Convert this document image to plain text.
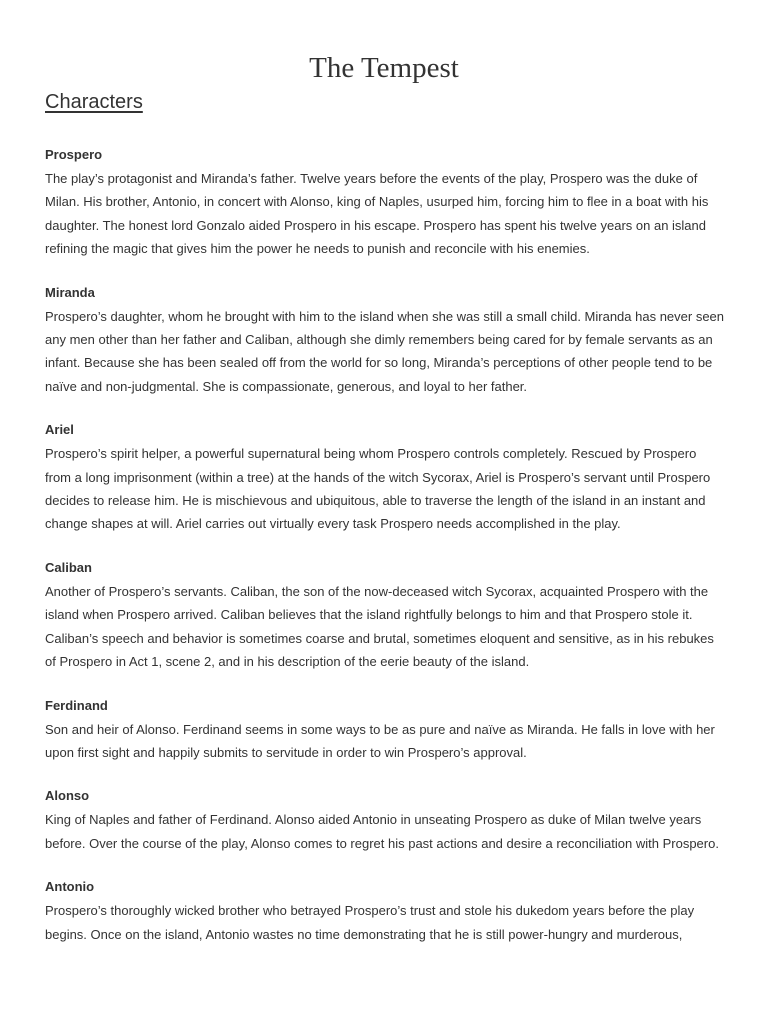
The Tempest
Characters
Prospero

The play’s protagonist and Miranda’s father. Twelve years before the events of the play, Prospero was the duke of Milan. His brother, Antonio, in concert with Alonso, king of Naples, usurped him, forcing him to flee in a boat with his daughter. The honest lord Gonzalo aided Prospero in his escape. Prospero has spent his twelve years on an island refining the magic that gives him the power he needs to punish and reconcile with his enemies.

Miranda

Prospero’s daughter, whom he brought with him to the island when she was still a small child. Miranda has never seen any men other than her father and Caliban, although she dimly remembers being cared for by female servants as an infant. Because she has been sealed off from the world for so long, Miranda’s perceptions of other people tend to be naïve and non-judgmental. She is compassionate, generous, and loyal to her father.

Ariel

Prospero’s spirit helper, a powerful supernatural being whom Prospero controls completely. Rescued by Prospero from a long imprisonment (within a tree) at the hands of the witch Sycorax, Ariel is Prospero’s servant until Prospero decides to release him. He is mischievous and ubiquitous, able to traverse the length of the island in an instant and change shapes at will. Ariel carries out virtually every task Prospero needs accomplished in the play.

Caliban

Another of Prospero’s servants. Caliban, the son of the now-deceased witch Sycorax, acquainted Prospero with the island when Prospero arrived. Caliban believes that the island rightfully belongs to him and that Prospero stole it. Caliban’s speech and behavior is sometimes coarse and brutal, sometimes eloquent and sensitive, as in his rebukes of Prospero in Act 1, scene 2, and in his description of the eerie beauty of the island.

Ferdinand

Son and heir of Alonso. Ferdinand seems in some ways to be as pure and naïve as Miranda. He falls in love with her upon first sight and happily submits to servitude in order to win Prospero’s approval.

Alonso

King of Naples and father of Ferdinand. Alonso aided Antonio in unseating Prospero as duke of Milan twelve years before. Over the course of the play, Alonso comes to regret his past actions and desire a reconciliation with Prospero.

Antonio

Prospero’s thoroughly wicked brother who betrayed Prospero’s trust and stole his dukedom years before the play begins. Once on the island, Antonio wastes no time demonstrating that he is still power-hungry and murderous,
